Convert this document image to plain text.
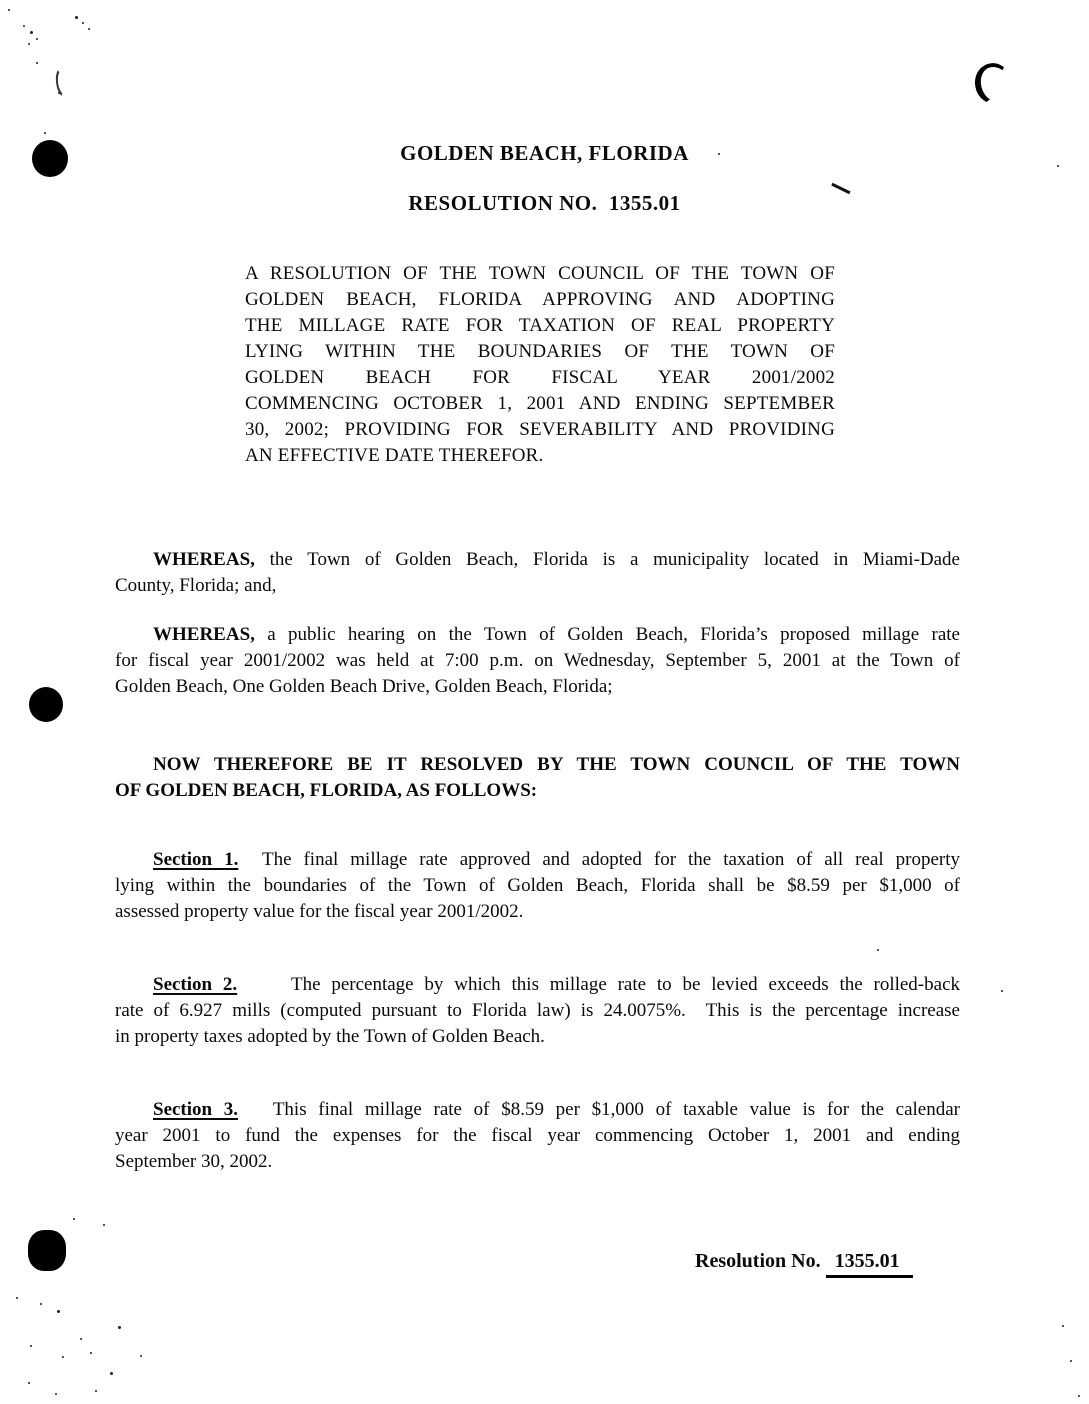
GOLDEN BEACH, FLORIDA
RESOLUTION NO.  1355.01
A RESOLUTION OF THE TOWN COUNCIL OF THE TOWN OF
GOLDEN BEACH, FLORIDA APPROVING AND ADOPTING
THE MILLAGE RATE FOR TAXATION OF REAL PROPERTY
LYING WITHIN THE BOUNDARIES OF THE TOWN OF
GOLDEN BEACH FOR FISCAL YEAR 2001/2002
COMMENCING OCTOBER 1, 2001 AND ENDING SEPTEMBER
30, 2002; PROVIDING FOR SEVERABILITY AND PROVIDING
AN EFFECTIVE DATE THEREFOR.
WHEREAS, the Town of Golden Beach, Florida is a municipality located in Miami-Dade
County, Florida; and,
WHEREAS, a public hearing on the Town of Golden Beach, Florida’s proposed millage rate
for fiscal year 2001/2002 was held at 7:00 p.m. on Wednesday, September 5, 2001 at the Town of
Golden Beach, One Golden Beach Drive, Golden Beach, Florida;
NOW THEREFORE BE IT RESOLVED BY THE TOWN COUNCIL OF THE TOWN
OF GOLDEN BEACH, FLORIDA, AS FOLLOWS:
Section 1.  The final millage rate approved and adopted for the taxation of all real property
lying within the boundaries of the Town of Golden Beach, Florida shall be $8.59 per $1,000 of
assessed property value for the fiscal year 2001/2002.
Section 2.     The percentage by which this millage rate to be levied exceeds the rolled-back
rate of 6.927 mills (computed pursuant to Florida law) is 24.0075%.  This is the percentage increase
in property taxes adopted by the Town of Golden Beach.
Section 3.   This final millage rate of $8.59 per $1,000 of taxable value is for the calendar
year 2001 to fund the expenses for the fiscal year commencing October 1, 2001 and ending
September 30, 2002.
Resolution No. 1355.01
